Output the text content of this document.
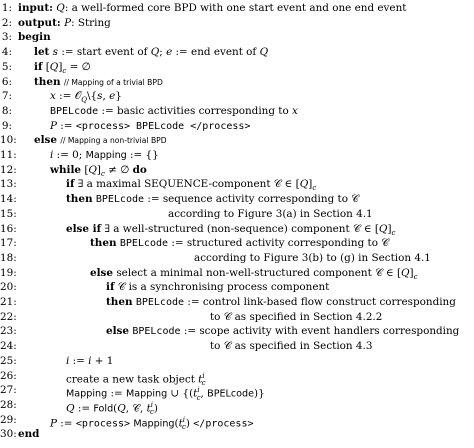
1: input: Q: a well-formed core BPD with one start event and one end event
2: output: P: String
3: begin
4: let s := start event of Q; e := end event of Q
5: if $[Q]_c$ = ∅
6: then // Mapping of a trivial BPD
7:	x := 𝒪$_Q$\{s, e}
8:	BPELcode := basic activities corresponding to x
9:	P := <process> BPELcode </process>
10: else // Mapping a non-trivial BPD
11:	i := 0; Mapping := {}
12:	while $[Q]_c$ ≠ ∅ do
13:	if ∃ a maximal SEQUENCE-component 𝒞 ∈ $[Q]_c$
14:	then BPELcode := sequence activity corresponding to 𝒞
15:	according to Figure 3(a) in Section 4.1
16:	else if ∃ a well-structured (non-sequence) component 𝒞 ∈ $[Q]_c$
17:	then BPELcode := structured activity corresponding to 𝒞
18:	according to Figure 3(b) to (g) in Section 4.1
19:	else select a minimal non-well-structured component 𝒞 ∈ $[Q]_c$
20:	if 𝒞 is a synchronising process component
21:	then BPELcode := control link-based flow construct corresponding
22:	to 𝒞 as specified in Section 4.2.2
23:	else BPELcode := scope activity with event handlers corresponding
24:	to 𝒞 as specified in Section 4.3
25:	i := i + 1
26:	create a new task object $t^i_c$
27:	Mapping := Mapping ∪ {($t^i_c$, BPELcode)}
28:	Q := Fold(Q, 𝒞, $t^i_c$)
29:	P := <process> $Mapping(t^i_c)$ </process>
30: end
